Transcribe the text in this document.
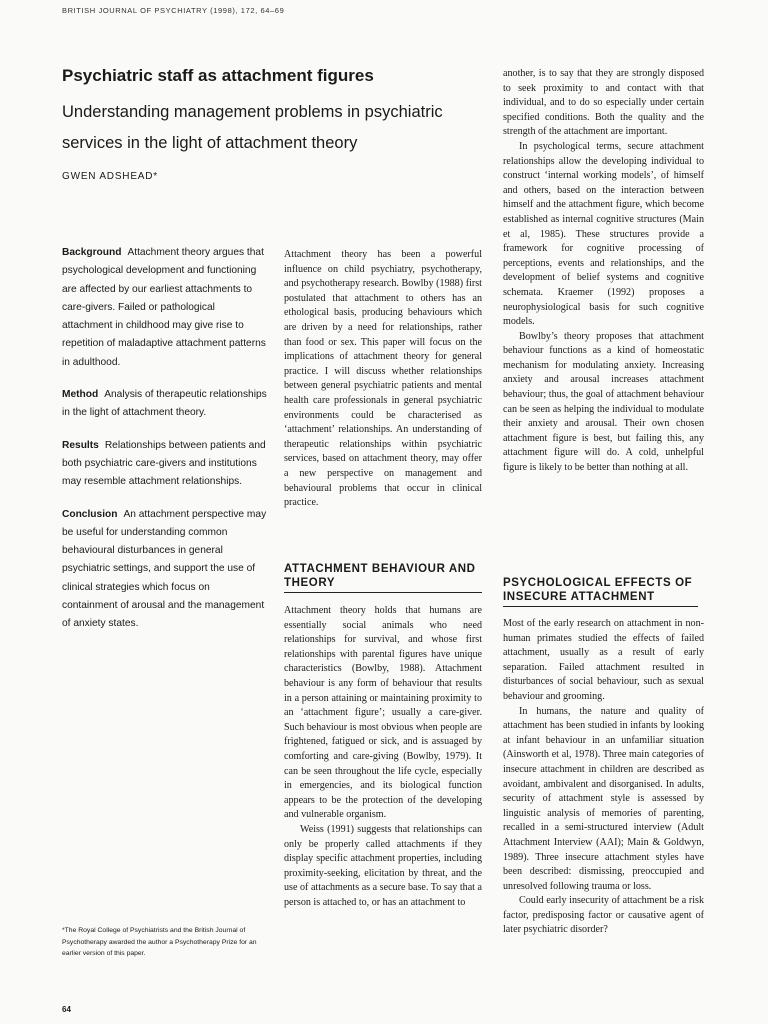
BRITISH JOURNAL OF PSYCHIATRY (1998), 172, 64–69
Psychiatric staff as attachment figures
Understanding management problems in psychiatric services in the light of attachment theory
GWEN ADSHEAD*

Background Attachment theory argues that psychological development and functioning are affected by our earliest attachments to care-givers. Failed or pathological attachment in childhood may give rise to repetition of maladaptive attachment patterns in adulthood.

Method Analysis of therapeutic relationships in the light of attachment theory.

Results Relationships between patients and both psychiatric care-givers and institutions may resemble attachment relationships.

Conclusion An attachment perspective may be useful for understanding common behavioural disturbances in general psychiatric settings, and support the use of clinical strategies which focus on containment of arousal and the management of anxiety states.

Attachment theory has been a powerful influence on child psychiatry, psychotherapy, and psychotherapy research. Bowlby (1988) first postulated that attachment to others has an ethological basis, producing behaviours which are driven by a need for relationships, rather than food or sex. This paper will focus on the implications of attachment theory for general practice. I will discuss whether relationships between general psychiatric patients and mental health care professionals in general psychiatric environments could be characterised as ‘attachment’ relationships. An understanding of therapeutic relationships within psychiatric services, based on attachment theory, may offer a new perspective on management and behavioural problems that occur in clinical practice.

ATTACHMENT BEHAVIOUR AND THEORY

Attachment theory holds that humans are essentially social animals who need relationships for survival, and whose first relationships with parental figures have unique characteristics (Bowlby, 1988). Attachment behaviour is any form of behaviour that results in a person attaining or maintaining proximity to an ‘attachment figure’; usually a care-giver. Such behaviour is most obvious when people are frightened, fatigued or sick, and is assuaged by comforting and care-giving (Bowlby, 1979). It can be seen throughout the life cycle, especially in emergencies, and its biological function appears to be the protection of the developing and vulnerable organism.

Weiss (1991) suggests that relationships can only be properly called attachments if they display specific attachment properties, including proximity-seeking, elicitation by threat, and the use of attachments as a secure base. To say that a person is attached to, or has an attachment to

another, is to say that they are strongly disposed to seek proximity to and contact with that individual, and to do so especially under certain specified conditions. Both the quality and the strength of the attachment are important.

In psychological terms, secure attachment relationships allow the developing individual to construct ‘internal working models’, of himself and others, based on the interaction between himself and the attachment figure, which become established as internal cognitive structures (Main et al, 1985). These structures provide a framework for cognitive processing of perceptions, events and relationships, and the development of belief systems and cognitive schemata. Kraemer (1992) proposes a neurophysiological basis for such cognitive models.

Bowlby’s theory proposes that attachment behaviour functions as a kind of homeostatic mechanism for modulating anxiety. Increasing anxiety and arousal increases attachment behaviour; thus, the goal of attachment behaviour can be seen as helping the individual to modulate their anxiety and arousal. Their own chosen attachment figure is best, but failing this, any attachment figure will do. A cold, unhelpful figure is likely to be better than nothing at all.

PSYCHOLOGICAL EFFECTS OF INSECURE ATTACHMENT

Most of the early research on attachment in non-human primates studied the effects of failed attachment, usually as a result of early separation. Failed attachment resulted in disturbances of social behaviour, such as sexual behaviour and grooming.

In humans, the nature and quality of attachment has been studied in infants by looking at infant behaviour in an unfamiliar situation (Ainsworth et al, 1978). Three main categories of insecure attachment in children are described as avoidant, ambivalent and disorganised. In adults, security of attachment style is assessed by linguistic analysis of memories of parenting, recalled in a semi-structured interview (Adult Attachment Interview (AAI); Main & Goldwyn, 1989). Three insecure attachment styles have been described: dismissing, preoccupied and unresolved following trauma or loss.

Could early insecurity of attachment be a risk factor, predisposing factor or causative agent of later psychiatric disorder?

*The Royal College of Psychiatrists and the British Journal of Psychotherapy awarded the author a Psychotherapy Prize for an earlier version of this paper.
64
